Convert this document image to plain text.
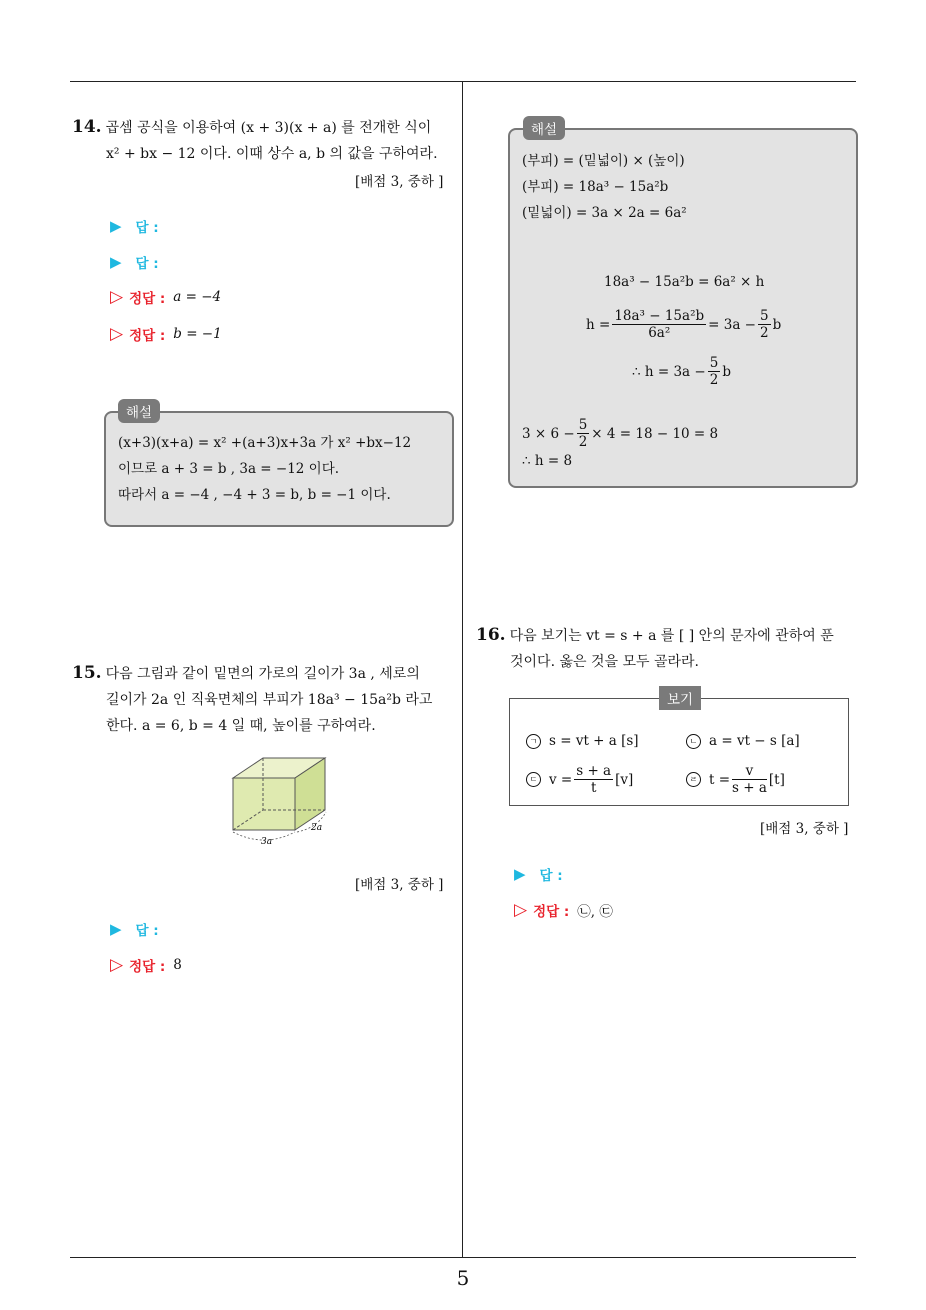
5
14. 곱셈 공식을 이용하여 (x + 3)(x + a) 를 전개한 식이
x² + bx − 12 이다. 이때 상수 a, b 의 값을 구하여라.
[배점 3, 중하 ]
▶ 답 :
▶ 답 :
▷ 정답 : a = −4
▷ 정답 : b = −1
해설
(x+3)(x+a) = x² +(a+3)x+3a 가 x² +bx−12
이므로 a + 3 = b , 3a = −12 이다.
따라서 a = −4 , −4 + 3 = b, b = −1 이다.
15. 다음 그림과 같이 밑면의 가로의 길이가 3a , 세로의
길이가 2a 인 직육면체의 부피가 18a³ − 15a²b 라고
한다. a = 6, b = 4 일 때, 높이를 구하여라.
3a
2a
[배점 3, 중하 ]
▶ 답 :
▷ 정답 : 8
해설
(부피) = (밑넓이) × (높이)
(부피) = 18a³ − 15a²b
(밑넓이) = 3a × 2a = 6a²
18a³ − 15a²b = 6a² × h
$h = \frac{\text{18a³ − 15a²b}}{\text{6a²}} = 3a - \frac{5}{2}$ b
∴ $h = 3a - \frac{5}{2}$ b
$3 \times 6 - \frac{5}{2} \times 4 = 18 - 10 = 8$
∴ h = 8
16. 다음 보기는 vt = s + a 를 [ ] 안의 문자에 관하여 푼
것이다. 옳은 것을 모두 골라라.
보기
ㄱ s = vt + a [s]	ㄴ a = vt − s [a]
ㄷ $v = \frac{s + a}{t} [v]$	ㄹ $t = \frac{v}{s + a} [t]$
[배점 3, 중하 ]
▶ 답 :
▷ 정답 : ㉡, ㉢
